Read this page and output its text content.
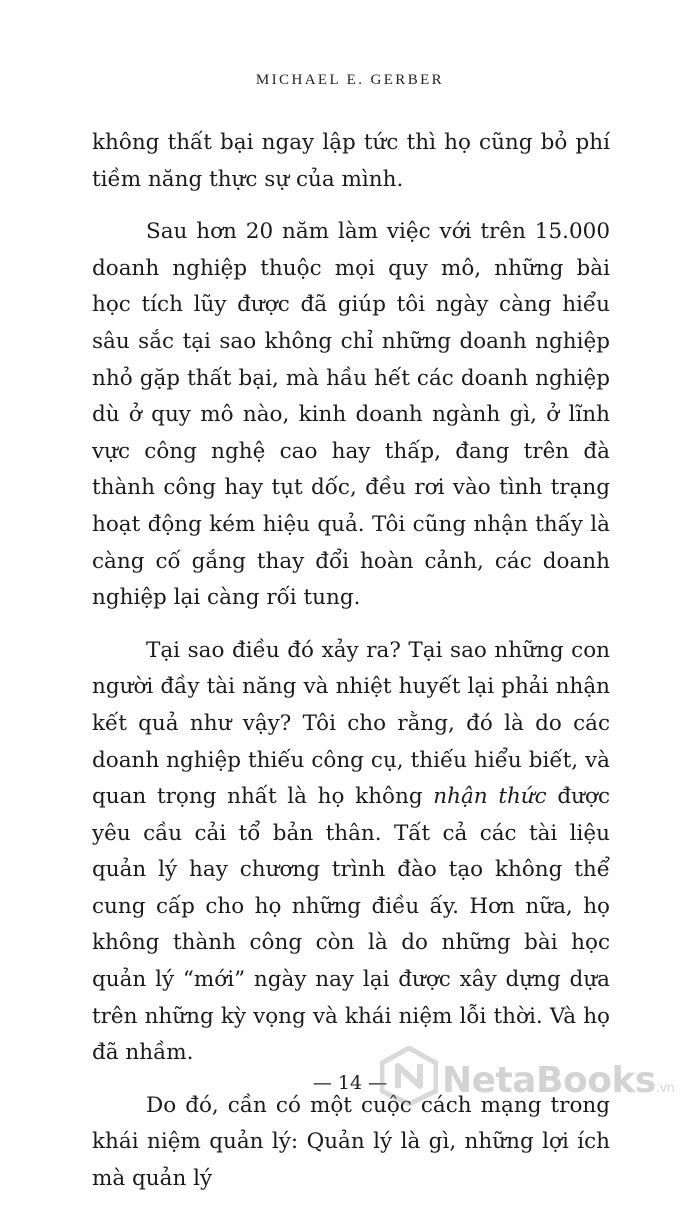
MICHAEL E. GERBER

không thất bại ngay lập tức thì họ cũng bỏ phí tiềm năng thực sự của mình.

Sau hơn 20 năm làm việc với trên 15.000 doanh nghiệp thuộc mọi quy mô, những bài học tích lũy được đã giúp tôi ngày càng hiểu sâu sắc tại sao không chỉ những doanh nghiệp nhỏ gặp thất bại, mà hầu hết các doanh nghiệp dù ở quy mô nào, kinh doanh ngành gì, ở lĩnh vực công nghệ cao hay thấp, đang trên đà thành công hay tụt dốc, đều rơi vào tình trạng hoạt động kém hiệu quả. Tôi cũng nhận thấy là càng cố gắng thay đổi hoàn cảnh, các doanh nghiệp lại càng rối tung.

Tại sao điều đó xảy ra? Tại sao những con người đầy tài năng và nhiệt huyết lại phải nhận kết quả như vậy? Tôi cho rằng, đó là do các doanh nghiệp thiếu công cụ, thiếu hiểu biết, và quan trọng nhất là họ không nhận thức được yêu cầu cải tổ bản thân. Tất cả các tài liệu quản lý hay chương trình đào tạo không thể cung cấp cho họ những điều ấy. Hơn nữa, họ không thành công còn là do những bài học quản lý “mới” ngày nay lại được xây dựng dựa trên những kỳ vọng và khái niệm lỗi thời. Và họ đã nhầm.

Do đó, cần có một cuộc cách mạng trong khái niệm quản lý: Quản lý là gì, những lợi ích mà quản lý

— 14 —	NetaBooks.vn
